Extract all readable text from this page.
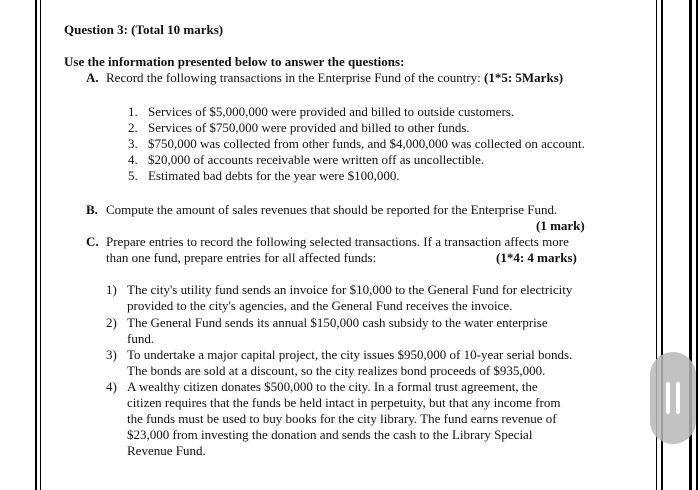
Question 3: (Total 10 marks)
Use the information presented below to answer the questions:
A. Record the following transactions in the Enterprise Fund of the country: (1*5: 5Marks)
1. Services of $5,000,000 were provided and billed to outside customers.
2. Services of $750,000 were provided and billed to other funds.
3. $750,000 was collected from other funds, and $4,000,000 was collected on account.
4. $20,000 of accounts receivable were written off as uncollectible.
5. Estimated bad debts for the year were $100,000.
B. Compute the amount of sales revenues that should be reported for the Enterprise Fund.
(1 mark)
C. Prepare entries to record the following selected transactions. If a transaction affects more
than one fund, prepare entries for all affected funds:	(1*4: 4 marks)
1) The city's utility fund sends an invoice for $10,000 to the General Fund for electricity
provided to the city's agencies, and the General Fund receives the invoice.
2) The General Fund sends its annual $150,000 cash subsidy to the water enterprise
fund.
3) To undertake a major capital project, the city issues $950,000 of 10-year serial bonds.
The bonds are sold at a discount, so the city realizes bond proceeds of $935,000.
4) A wealthy citizen donates $500,000 to the city. In a formal trust agreement, the
citizen requires that the funds be held intact in perpetuity, but that any income from
the funds must be used to buy books for the city library. The fund earns revenue of
$23,000 from investing the donation and sends the cash to the Library Special
Revenue Fund.
